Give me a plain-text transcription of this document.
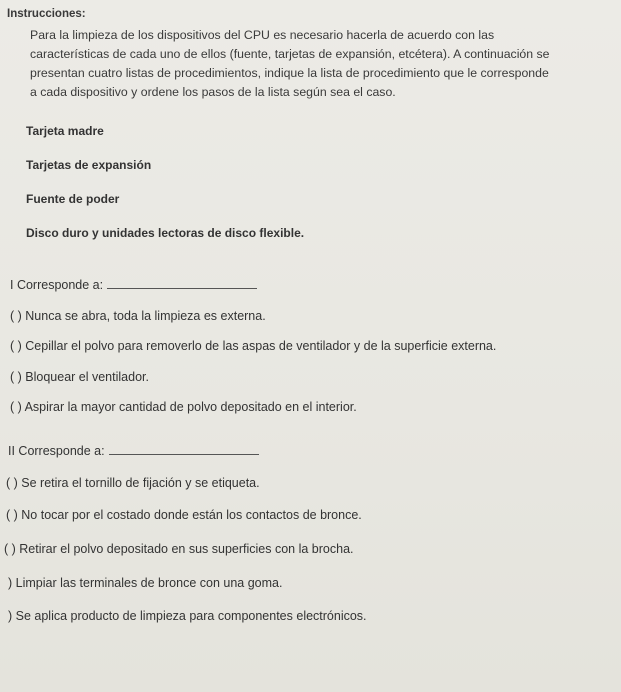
Instrucciones:
Para la limpieza de los dispositivos del CPU es necesario hacerla de acuerdo con las
características de cada uno de ellos (fuente, tarjetas de expansión, etcétera). A continuación se
presentan cuatro listas de procedimientos, indique la lista de procedimiento que le corresponde
a cada dispositivo y ordene los pasos de la lista según sea el caso.
Tarjeta madre
Tarjetas de expansión
Fuente de poder
Disco duro y unidades lectoras de disco flexible.
I Corresponde a:
( ) Nunca se abra, toda la limpieza es externa.
( ) Cepillar el polvo para removerlo de las aspas de ventilador y de la superficie externa.
( ) Bloquear el ventilador.
( ) Aspirar la mayor cantidad de polvo depositado en el interior.
II Corresponde a:
( ) Se retira el tornillo de fijación y se etiqueta.
( ) No tocar por el costado donde están los contactos de bronce.
( ) Retirar el polvo depositado en sus superficies con la brocha.
) Limpiar las terminales de bronce con una goma.
) Se aplica producto de limpieza para componentes electrónicos.
